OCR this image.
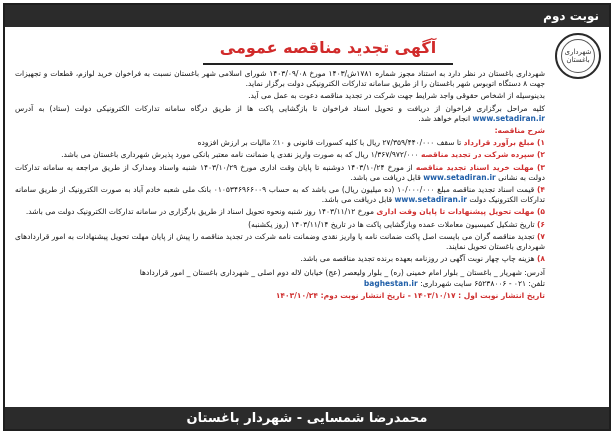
نوبت دوم
شهرداری باغستان
آگهی تجدید مناقصه عمومی

شهرداری باغستان در نظر دارد به استناد مجوز شماره ۱۷۸۱ش/۱۴۰۳ مورخ ۱۴۰۳/۰۹/۰۸ شورای اسلامی شهر باغستان نسبت به فراخوان خرید لوازم، قطعات و تجهیزات جهت ۸ دستگاه اتوبوس شهر باغستان را از طریق سامانه تدارکات الکترونیکی دولت برگزار نماید.

بدینوسیله از اشخاص حقوقی واجد شرایط جهت شرکت در تجدید مناقصه دعوت به عمل می آید.

کلیه مراحل برگزاری فراخوان از دریافت و تحویل اسناد فراخوان تا بازگشایی پاکت ها از طریق درگاه سامانه تدارکات الکترونیکی دولت (ستاد) به آدرس www.setadiran.ir انجام خواهد شد.

شرح مناقصه:
۱) مبلغ برآورد قرارداد تا سقف ۲۷/۳۵۹/۴۴۰/۰۰۰ ریال با کلیه کسورات قانونی و ۱۰٪ مالیات بر ارزش افزوده
۲) سپرده شرکت در تجدید مناقصه ۱/۳۶۷/۹۷۲/۰۰۰ ریال که به صورت واریز نقدی یا ضمانت نامه معتبر بانکی مورد پذیرش شهرداری باغستان می باشد.
۳) مهلت خرید اسناد تجدید مناقصه از مورخ ۱۴۰۳/۱۰/۲۴ دوشنبه تا پایان وقت اداری مورخ ۱۴۰۳/۱۰/۲۹ شنبه واسناد ومدارک از طریق مراجعه به سامانه تدارکات دولت به نشانی www.setadiran.ir قابل دریافت می باشد.
۴) قیمت اسناد تجدید مناقصه مبلغ ۱۰/۰۰۰/۰۰۰ (ده میلیون ریال) می باشد که به حساب ۰۱۰۵۳۴۶۹۶۶۰۰۹ بانک ملی شعبه خادم آباد به صورت الکترونیک از طریق سامانه تدارکات الکترونیک دولت www.setadiran.ir قابل دریافت می باشد.
۵) مهلت تحویل پیشنهادات تا پایان وقت اداری مورخ ۱۴۰۳/۱۱/۱۲ روز شنبه ونحوه تحویل اسناد از طریق بارگزاری در سامانه تدارکات الکترونیک دولت می باشد.
۶) تاریخ تشکیل کمیسیون معاملات عمده وبازگشایی پاکت ها در تاریخ ۱۴۰۳/۱۱/۱۴ (روز یکشنبه)
۷) تجدید مناقصه گران می بایست اصل پاکت ضمانت نامه یا واریز نقدی وضمانت نامه شرکت در تجدید مناقصه را پیش از پایان مهلت تحویل پیشنهادات به امور قراردادهای شهرداری باغستان تحویل نمایند.
۸) هزینه چاپ چهار نوبت آگهی در روزنامه بعهده برنده تجدید مناقصه می باشد.
آدرس: شهریار _ باغستان _ بلوار امام خمینی (ره) _ بلوار ولیعصر (عج) خیابان لاله دوم اصلی _ شهرداری باغستان _ امور قراردادها
تلفن: ۰۲۱ - ۶۵۲۳۸۰۰۶ سایت شهرداری: baghestan.ir
تاریخ انتشار نوبت اول : ۱۴۰۳/۱۰/۱۷ - تاریخ انتشار نوبت دوم: ۱۴۰۳/۱۰/۲۴
محمدرضا شمسایی - شهردار باغستان
